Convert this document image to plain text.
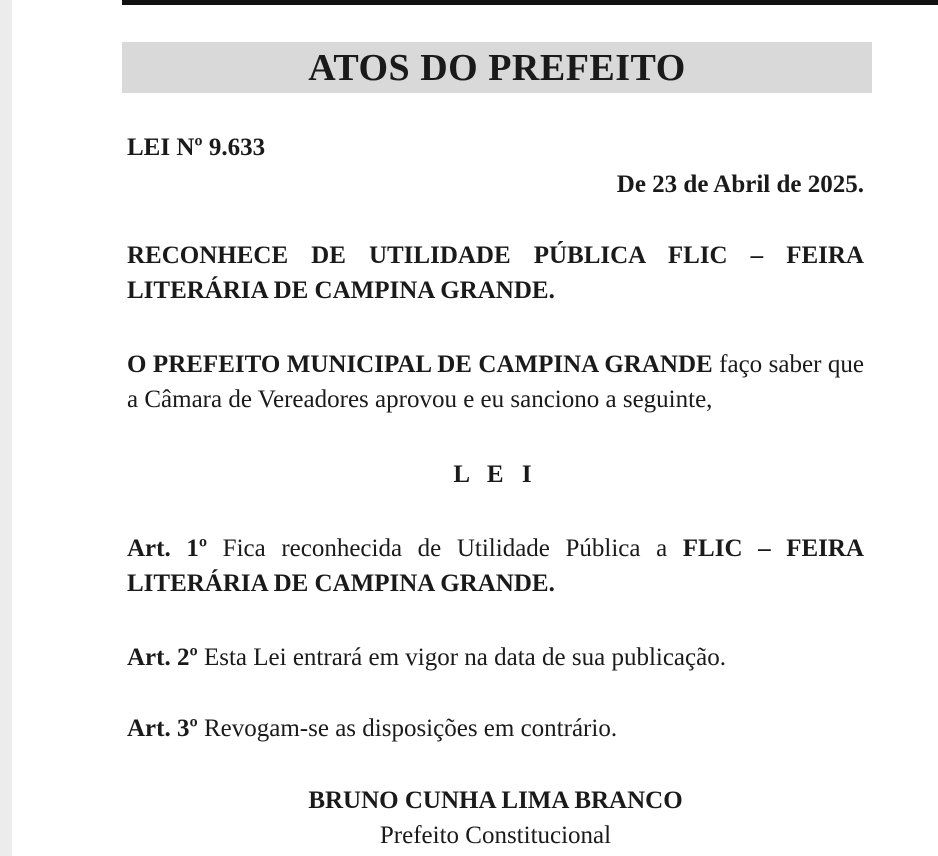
ATOS DO PREFEITO
LEI Nº 9.633
De 23 de Abril de 2025.
RECONHECE DE UTILIDADE PÚBLICA FLIC – FEIRA LITERÁRIA DE CAMPINA GRANDE.
O PREFEITO MUNICIPAL DE CAMPINA GRANDE faço saber que a Câmara de Vereadores aprovou e eu sanciono a seguinte,
L E I
Art. 1º Fica reconhecida de Utilidade Pública a FLIC – FEIRA LITERÁRIA DE CAMPINA GRANDE.
Art. 2º Esta Lei entrará em vigor na data de sua publicação.
Art. 3º Revogam-se as disposições em contrário.
BRUNO CUNHA LIMA BRANCO
Prefeito Constitucional
